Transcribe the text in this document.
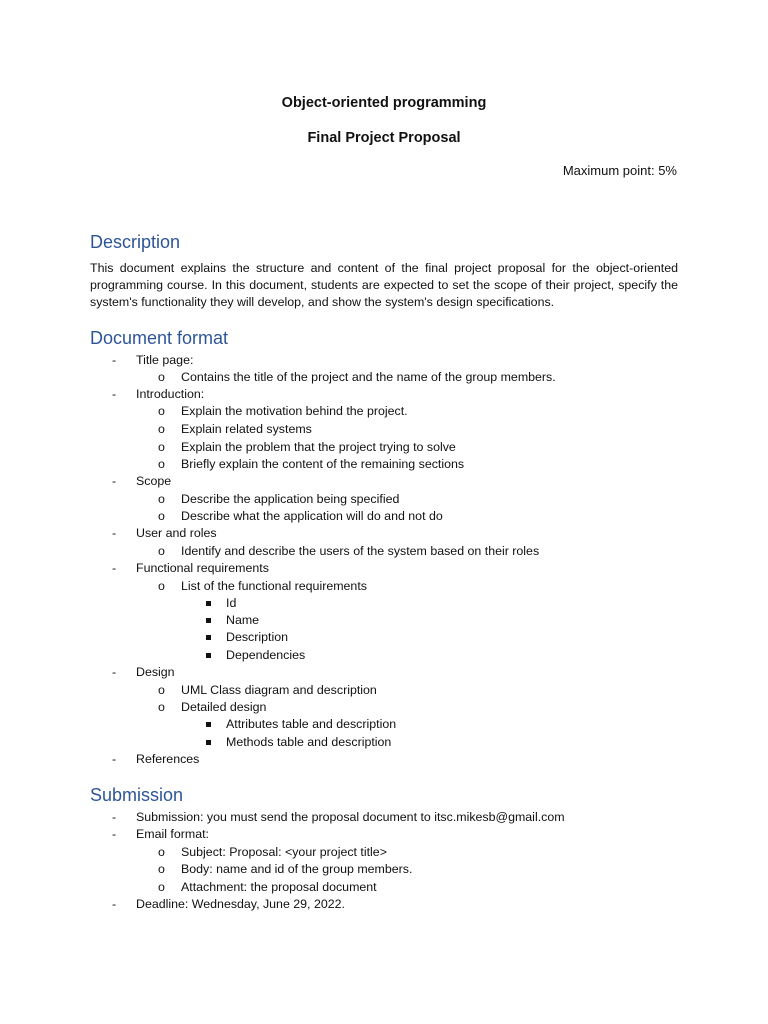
Object-oriented programming
Final Project Proposal
Maximum point: 5%
Description
This document explains the structure and content of the final project proposal for the object-oriented programming course. In this document, students are expected to set the scope of their project, specify the system's functionality they will develop, and show the system's design specifications.
Document format
- Title page:
o Contains the title of the project and the name of the group members.
- Introduction:
o Explain the motivation behind the project.
o Explain related systems
o Explain the problem that the project trying to solve
o Briefly explain the content of the remaining sections
- Scope
o Describe the application being specified
o Describe what the application will do and not do
- User and roles
o Identify and describe the users of the system based on their roles
- Functional requirements
o List of the functional requirements
Id
Name
Description
Dependencies
- Design
o UML Class diagram and description
o Detailed design
Attributes table and description
Methods table and description
- References
Submission
- Submission: you must send the proposal document to itsc.mikesb@gmail.com
- Email format:
o Subject: Proposal: <your project title>
o Body: name and id of the group members.
o Attachment: the proposal document
- Deadline: Wednesday, June 29, 2022.
